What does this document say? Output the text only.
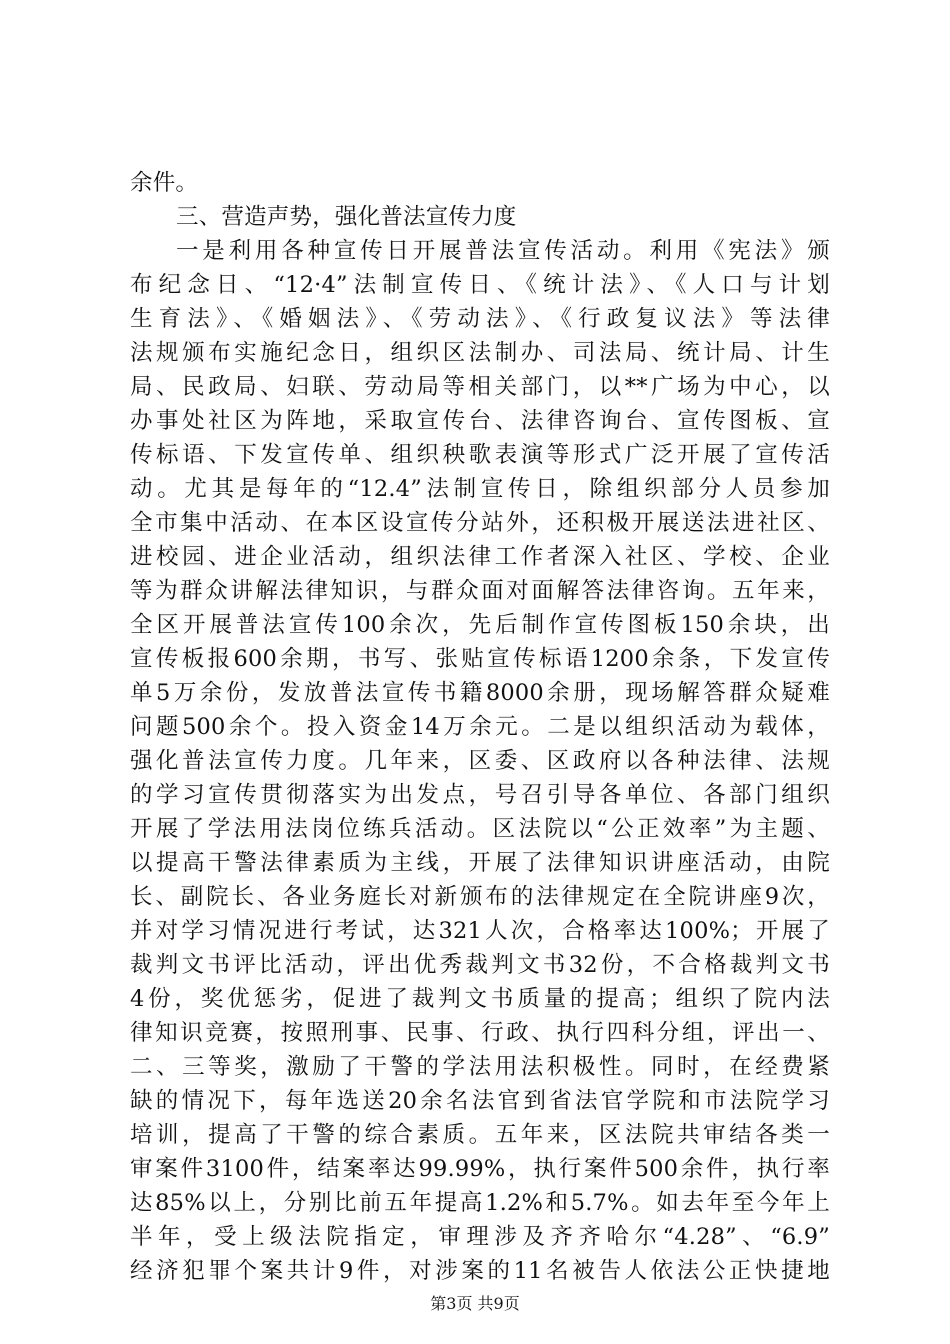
余件。
三、营造声势，强化普法宣传力度
一是利用各种宣传日开展普法宣传活动。利用《宪法》颁
布纪念日、“12·4”法制宣传日、《统计法》、《人口与计划
生育法》、《婚姻法》、《劳动法》、《行政复议法》等法律
法规颁布实施纪念日，组织区法制办、司法局、统计局、计生
局、民政局、妇联、劳动局等相关部门，以**广场为中心，以
办事处社区为阵地，采取宣传台、法律咨询台、宣传图板、宣
传标语、下发宣传单、组织秧歌表演等形式广泛开展了宣传活
动。尤其是每年的“12.4”法制宣传日，除组织部分人员参加
全市集中活动、在本区设宣传分站外，还积极开展送法进社区、
进校园、进企业活动，组织法律工作者深入社区、学校、企业
等为群众讲解法律知识，与群众面对面解答法律咨询。五年来，
全区开展普法宣传100余次，先后制作宣传图板150余块，出
宣传板报600余期，书写、张贴宣传标语1200余条，下发宣传
单5万余份，发放普法宣传书籍8000余册，现场解答群众疑难
问题500余个。投入资金14万余元。二是以组织活动为载体，
强化普法宣传力度。几年来，区委、区政府以各种法律、法规
的学习宣传贯彻落实为出发点，号召引导各单位、各部门组织
开展了学法用法岗位练兵活动。区法院以“公正效率”为主题、
以提高干警法律素质为主线，开展了法律知识讲座活动，由院
长、副院长、各业务庭长对新颁布的法律规定在全院讲座9次，
并对学习情况进行考试，达321人次，合格率达100%；开展了
裁判文书评比活动，评出优秀裁判文书32份，不合格裁判文书
4份，奖优惩劣，促进了裁判文书质量的提高；组织了院内法
律知识竞赛，按照刑事、民事、行政、执行四科分组，评出一、
二、三等奖，激励了干警的学法用法积极性。同时，在经费紧
缺的情况下，每年选送20余名法官到省法官学院和市法院学习
培训，提高了干警的综合素质。五年来，区法院共审结各类一
审案件3100件，结案率达99.99%，执行案件500余件，执行率
达85%以上，分别比前五年提高1.2%和5.7%。如去年至今年上
半年，受上级法院指定，审理涉及齐齐哈尔“4.28”、“6.9”
经济犯罪个案共计9件，对涉案的11名被告人依法公正快捷地
第3页 共9页
